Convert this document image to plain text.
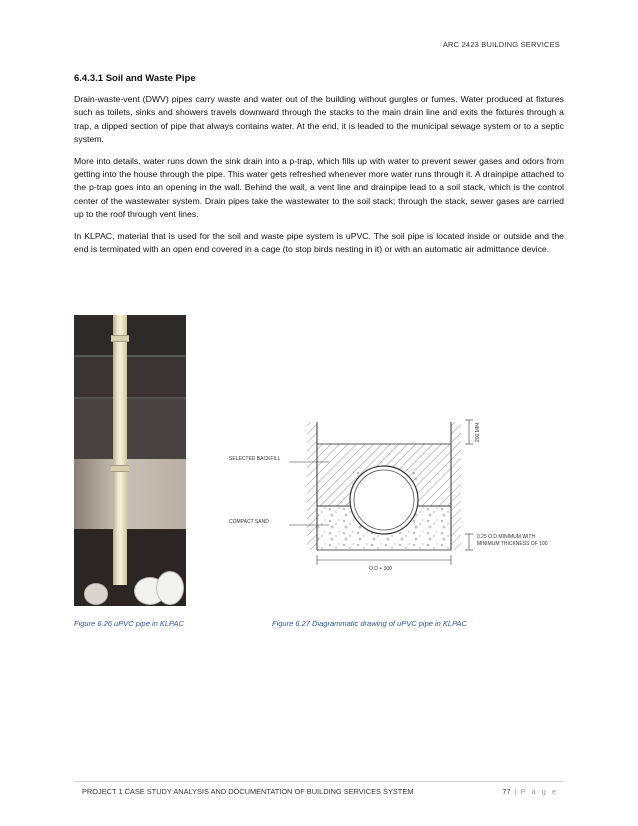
ARC 2423 BUILDING SERVICES
6.4.3.1 Soil and Waste Pipe

Drain-waste-vent (DWV) pipes carry waste and water out of the building without gurgles or fumes. Water produced at fixtures such as toilets, sinks and showers travels downward through the stacks to the main drain line and exits the fixtures through a trap, a dipped section of pipe that always contains water. At the end, it is leaded to the municipal sewage system or to a septic system.

More into details, water runs down the sink drain into a p-trap, which fills up with water to prevent sewer gases and odors from getting into the house through the pipe. This water gets refreshed whenever more water runs through it. A drainpipe attached to the p-trap goes into an opening in the wall. Behind the wall, a vent line and drainpipe lead to a soil stack, which is the control center of the wastewater system. Drain pipes take the wastewater to the soil stack; through the stack, sewer gases are carried up to the roof through vent lines.

In KLPAC, material that is used for the soil and waste pipe system is uPVC. The soil pipe is located inside or outside and the end is terminated with an open end covered in a cage (to stop birds nesting in it) or with an automatic air admittance device.

SELECTED BACKFILL
COMPACT SAND
200 MIN
0.25 O.D MINIMUM WITH
MINIMUM THICKNESS OF 100
O.D + 300
Figure 6.26 uPVC pipe in KLPAC	Figure 6.27 Diagrammatic drawing of uPVC pipe in KLPAC
PROJECT 1 CASE STUDY ANALYSIS AND DOCUMENTATION OF BUILDING SERVICES SYSTEM	77 | P a g e
